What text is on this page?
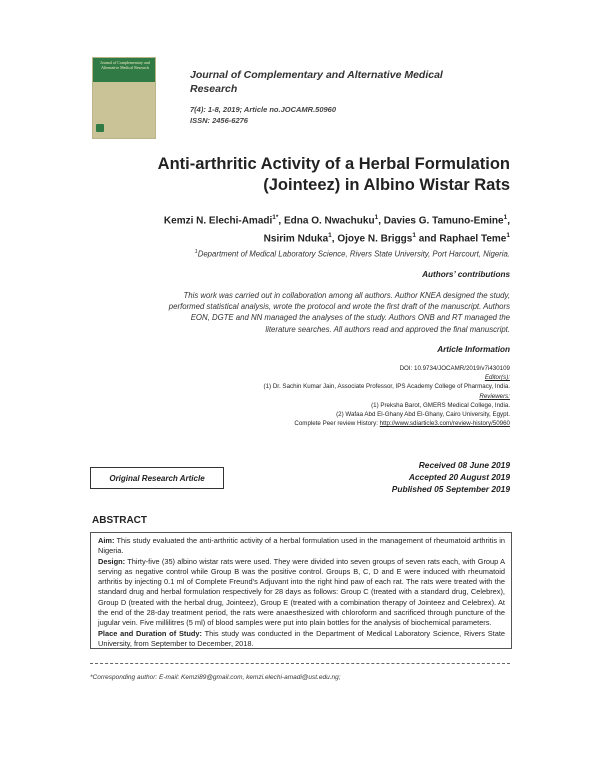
Journal of Complementary and Alternative Medical Research
Journal of Complementary and Alternative Medical
Research
7(4): 1-8, 2019; Article no.JOCAMR.50960
ISSN: 2456-6276
Anti-arthritic Activity of a Herbal Formulation
(Jointeez) in Albino Wistar Rats
Kemzi N. Elechi-Amadi$^{1*}$, Edna O. Nwachuku$^1$, Davies G. Tamuno-Emine$^1$,
Nsirim Nduka$^1$, Ojoye N. Briggs$^1$ and Raphael Teme$^1$
$^1$Department of Medical Laboratory Science, Rivers State University, Port Harcourt, Nigeria.
Authors’ contributions
This work was carried out in collaboration among all authors. Author KNEA designed the study,
performed statistical analysis, wrote the protocol and wrote the first draft of the manuscript. Authors
EON, DGTE and NN managed the analyses of the study. Authors ONB and RT managed the
literature searches. All authors read and approved the final manuscript.
Article Information
DOI: 10.9734/JOCAMR/2019/v7i430109
Editor(s):
(1) Dr. Sachin Kumar Jain, Associate Professor, IPS Academy College of Pharmacy, India.
Reviewers:
(1) Preksha Barot, GMERS Medical College, India.
(2) Wafaa Abd El-Ghany Abd El-Ghany, Cairo University, Egypt.
Complete Peer review History: http://www.sdiarticle3.com/review-history/50960
Original Research Article
Received 08 June 2019
Accepted 20 August 2019
Published 05 September 2019
ABSTRACT

Aim: This study evaluated the anti-arthritic activity of a herbal formulation used in the management of rheumatoid arthritis in Nigeria.

Design: Thirty-five (35) albino wistar rats were used. They were divided into seven groups of seven rats each, with Group A serving as negative control while Group B was the positive control. Groups B, C, D and E were induced with rheumatoid arthritis by injecting 0.1 ml of Complete Freund’s Adjuvant into the right hind paw of each rat. The rats were treated with the standard drug and herbal formulation respectively for 28 days as follows: Group C (treated with a standard drug, Celebrex), Group D (treated with the herbal drug, Jointeez), Group E (treated with a combination therapy of Jointeez and Celebrex). At the end of the 28-day treatment period, the rats were anaesthesized with chloroform and sacrificed through puncture of the jugular vein. Five millilitres (5 ml) of blood samples were put into plain bottles for the analysis of biochemical parameters.

Place and Duration of Study: This study was conducted in the Department of Medical Laboratory Science, Rivers State University, from September to December, 2018.

*Corresponding author: E-mail: Kemzi89@gmail.com, kemzi.elechi-amadi@ust.edu.ng;
